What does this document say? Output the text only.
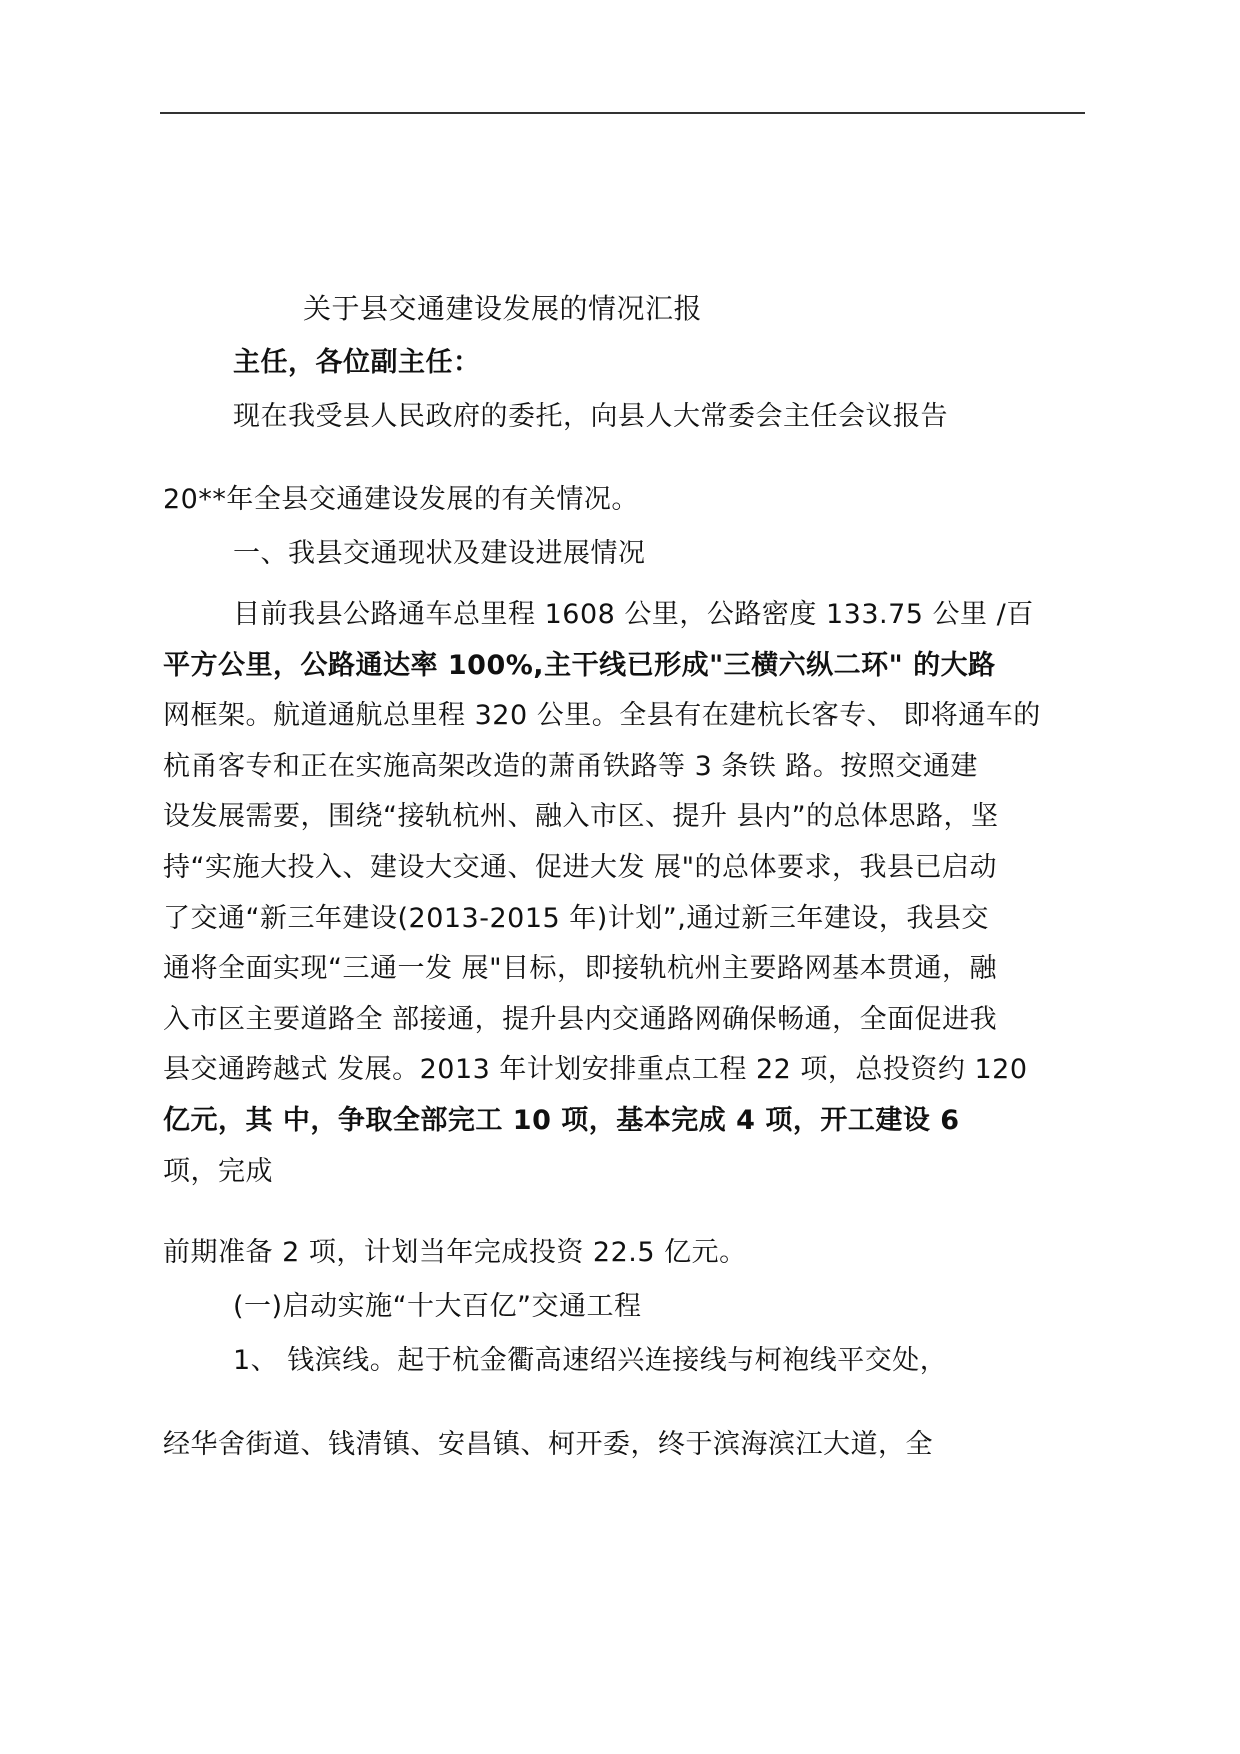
关于县交通建设发展的情况汇报
主任，各位副主任：
现在我受县人民政府的委托，向县人大常委会主任会议报告
20**年全县交通建设发展的有关情况。
一、我县交通现状及建设进展情况
目前我县公路通车总里程 1608 公里，公路密度 133.75 公里 /百
平方公里，公路通达率 100%,主干线已形成"三横六纵二环" 的大路
网框架。航道通航总里程 320 公里。全县有在建杭长客专、 即将通车的
杭甬客专和正在实施高架改造的萧甬铁路等 3 条铁 路。按照交通建
设发展需要，围绕“接轨杭州、融入市区、提升 县内”的总体思路，坚
持“实施大投入、建设大交通、促进大发 展"的总体要求，我县已启动
了交通“新三年建设(2013-2015 年)计划”,通过新三年建设，我县交
通将全面实现“三通一发 展"目标，即接轨杭州主要路网基本贯通，融
入市区主要道路全 部接通，提升县内交通路网确保畅通，全面促进我
县交通跨越式 发展。2013 年计划安排重点工程 22 项，总投资约 120
亿元，其 中，争取全部完工 10 项，基本完成 4 项，开工建设 6
项，完成
前期准备 2 项，计划当年完成投资 22.5 亿元。
(一)启动实施“十大百亿”交通工程
1、 钱滨线。起于杭金衢高速绍兴连接线与柯袍线平交处，
经华舍街道、钱清镇、安昌镇、柯开委，终于滨海滨江大道，全
